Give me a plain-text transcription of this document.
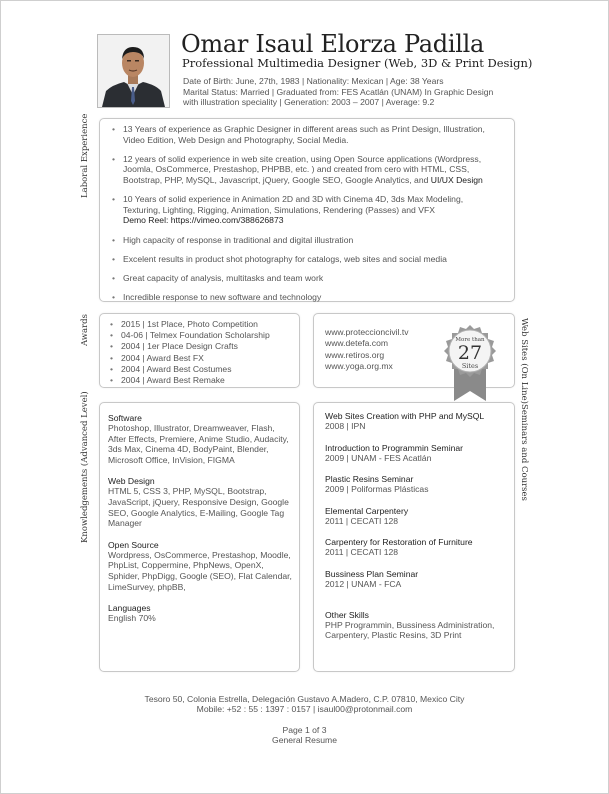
Omar Isaul Elorza Padilla
Professional Multimedia Designer (Web, 3D & Print Design)
Date of Birth: June, 27th, 1983 | Nationality: Mexican | Age: 38 Years
Marital Status: Married | Graduated from: FES Acatlán (UNAM) In Graphic Design
with illustration speciality | Generation: 2003 – 2007 | Average: 9.2
Laboral Experience	• 13 Years of experience as Graphic Designer in different areas such as Print Design, Illustration, Video Edition, Web Design and Photography, Social Media.
• 12 years of solid experience in web site creation, using Open Source applications (Wordpress, Joomla, OsCommerce, Prestashop, PHPBB, etc. ) and created from cero with HTML, CSS, Bootstrap, PHP, MySQL, Javascript, jQuery, Google SEO, Google Analytics, and UI/UX Design
• 10 Years of solid experience in Animation 2D and 3D with Cinema 4D, 3ds Max Modeling, Texturing, Lighting, Rigging, Animation, Simulations, Rendering (Passes) and VFX
Demo Reel: https://vimeo.com/388626873
• High capacity of response in traditional and digital illustration
• Excelent results in product shot photography for catalogs, web sites and social media
• Great capacity of analysis, multitasks and team work
• Incredible response to new software and technology
Awards	• 2015 | 1st Place, Photo Competition
• 04-06 | Telmex Foundation Scholarship
• 2004 | 1er Place Design Crafts
• 2004 | Award Best FX
• 2004 | Award Best Costumes
• 2004 | Award Best Remake
www.proteccioncivil.tv
www.detefa.com
www.retiros.org
www.yoga.org.mx
More than
27
Sites	Web Sites (On Line)
Knowledgements (Advanced Level) Software
Photoshop, Illustrator, Dreamweaver, Flash, After Effects, Premiere, Anime Studio, Audacity, 3ds Max, Cinema 4D, BodyPaint, Blender, Microsoft Office, InVision, FIGMA
Web Design
HTML 5, CSS 3, PHP, MySQL, Bootstrap, JavaScript, jQuery, Responsive Design, Google SEO, Google Analytics, E-Mailing, Google Tag Manager
Open Source
Wordpress, OsCommerce, Prestashop, Moodle, PhpList, Coppermine, PhpNews, OpenX, Sphider, PhpDigg, Google (SEO), Flat Calendar, LimeSurvey, phpBB,
Languages
English 70%
Web Sites Creation with PHP and MySQL
2008 | IPN
Introduction to Programmin Seminar
2009 | UNAM - FES Acatlán
Plastic Resins Seminar
2009 | Poliformas Plásticas
Elemental Carpentery
2011 | CECATI 128
Carpentery for Restoration of Furniture
2011 | CECATI 128
Bussiness Plan Seminar
2012 | UNAM - FCA
Other Skills
PHP Programmin, Bussiness Administration, Carpentery, Plastic Resins, 3D Print
Seminars and Courses
Tesoro 50, Colonia Estrella, Delegación Gustavo A.Madero, C.P. 07810, Mexico City
Mobile: +52 : 55 : 1397 : 0157 | isaul00@protonmail.com
Page 1 of 3
General Resume
